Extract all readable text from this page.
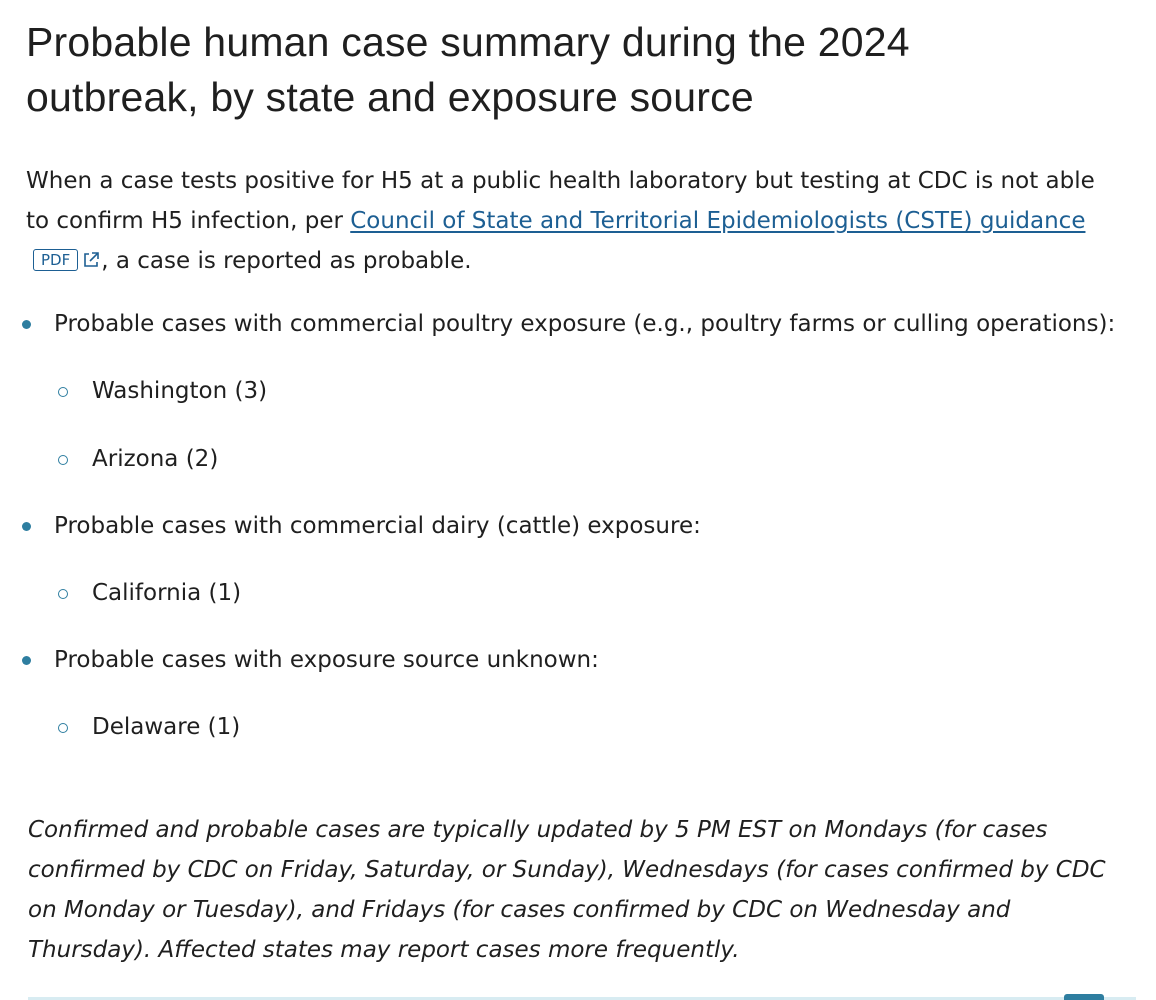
Probable human case summary during the 2024
outbreak, by state and exposure source

When a case tests positive for H5 at a public health laboratory but testing at CDC is not able to confirm H5 infection, per Council of State and Territorial Epidemiologists (CSTE) guidancePDF , a case is reported as probable.

Probable cases with commercial poultry exposure (e.g., poultry farms or culling operations):
Washington (3)
Arizona (2)
Probable cases with commercial dairy (cattle) exposure:
California (1)
Probable cases with exposure source unknown:
Delaware (1)

Confirmed and probable cases are typically updated by 5 PM EST on Mondays (for cases confirmed by CDC on Friday, Saturday, or Sunday), Wednesdays (for cases confirmed by CDC on Monday or Tuesday), and Fridays (for cases confirmed by CDC on Wednesday and Thursday). Affected states may report cases more frequently.
